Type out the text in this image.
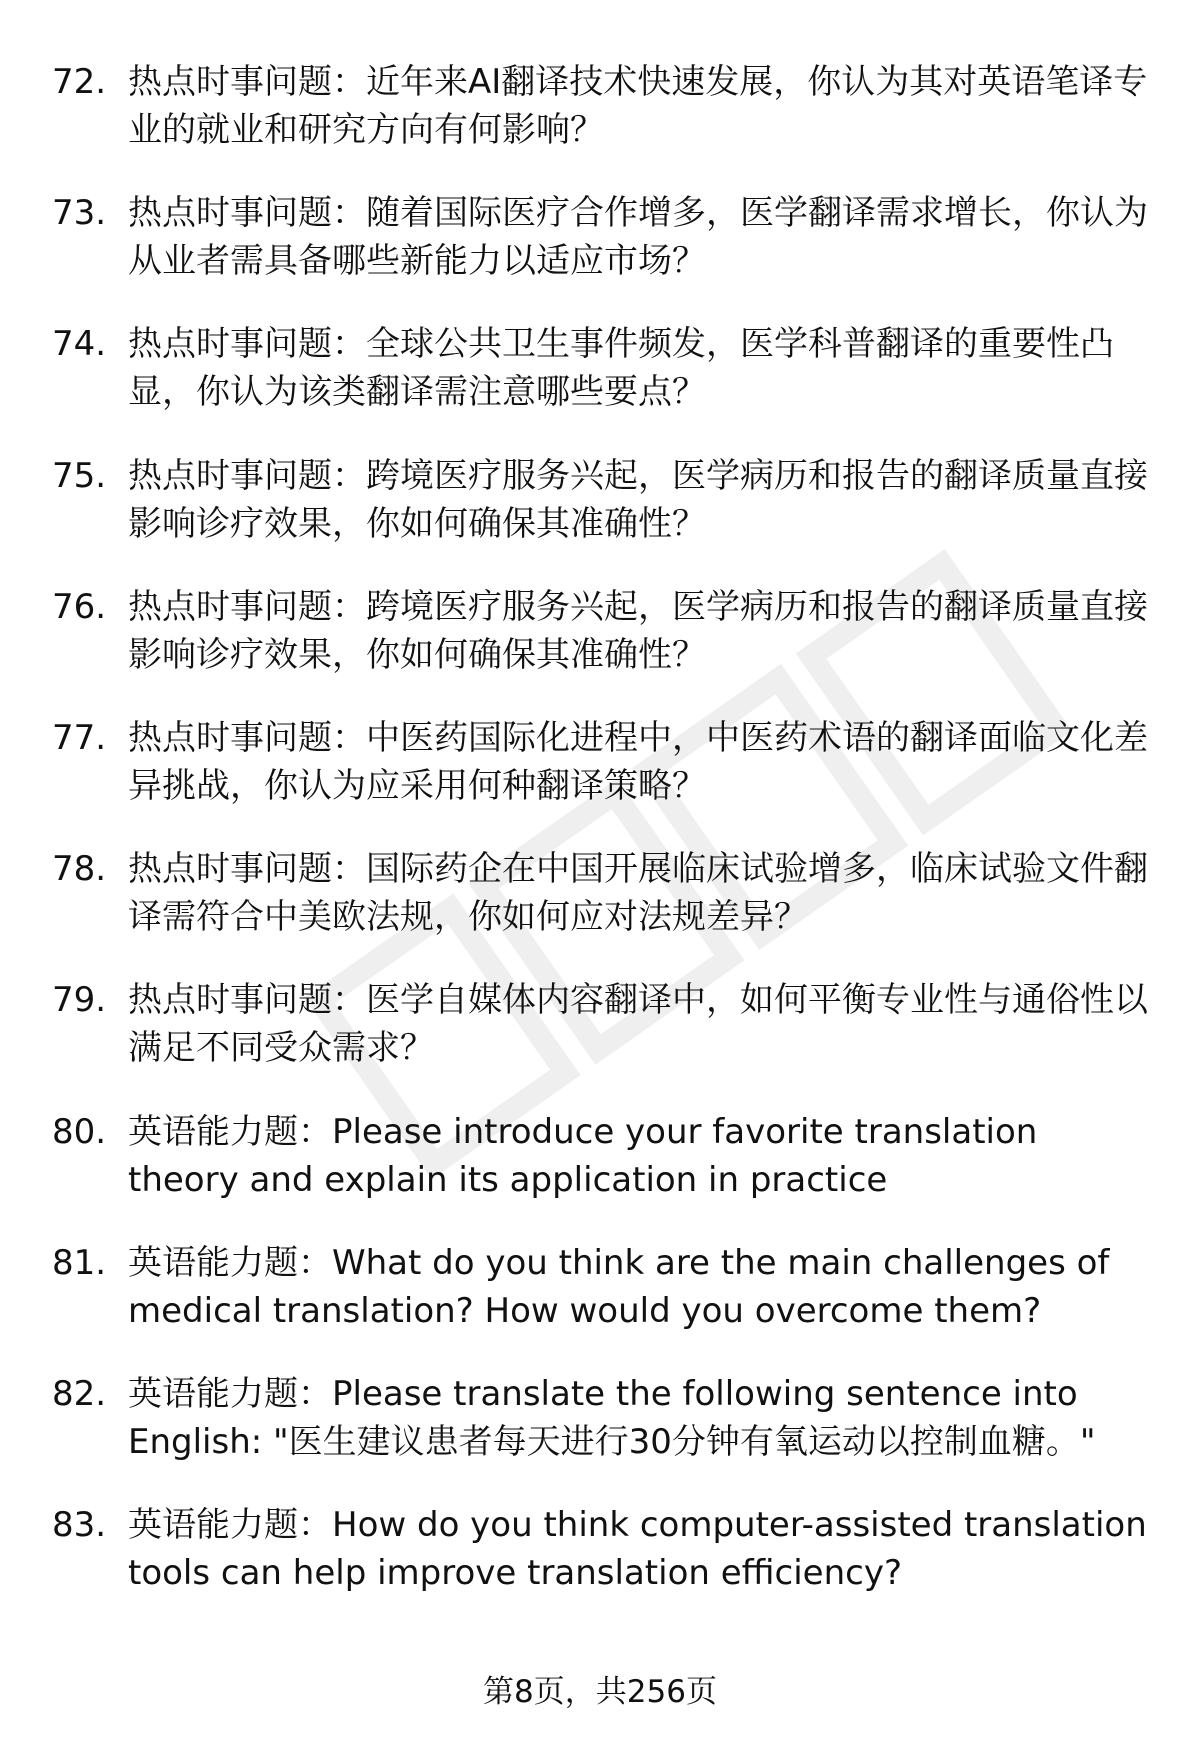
72. 热点时事问题：近年来AI翻译技术快速发展，你认为其对英语笔译专业的就业和研究方向有何影响？
73. 热点时事问题：随着国际医疗合作增多，医学翻译需求增长，你认为从业者需具备哪些新能力以适应市场？
74. 热点时事问题：全球公共卫生事件频发，医学科普翻译的重要性凸显，你认为该类翻译需注意哪些要点？
75. 热点时事问题：跨境医疗服务兴起，医学病历和报告的翻译质量直接影响诊疗效果，你如何确保其准确性？
76. 热点时事问题：跨境医疗服务兴起，医学病历和报告的翻译质量直接影响诊疗效果，你如何确保其准确性？
77. 热点时事问题：中医药国际化进程中，中医药术语的翻译面临文化差异挑战，你认为应采用何种翻译策略？
78. 热点时事问题：国际药企在中国开展临床试验增多，临床试验文件翻译需符合中美欧法规，你如何应对法规差异？
79. 热点时事问题：医学自媒体内容翻译中，如何平衡专业性与通俗性以满足不同受众需求？
80. 英语能力题：Please introduce your favorite translation theory and explain its application in practice
81. 英语能力题：What do you think are the main challenges of medical translation? How would you overcome them?
82. 英语能力题：Please translate the following sentence into English: "医生建议患者每天进行30分钟有氧运动以控制血糖。"
83. 英语能力题：How do you think computer-assisted translation tools can help improve translation efficiency?
第8页，共256页
